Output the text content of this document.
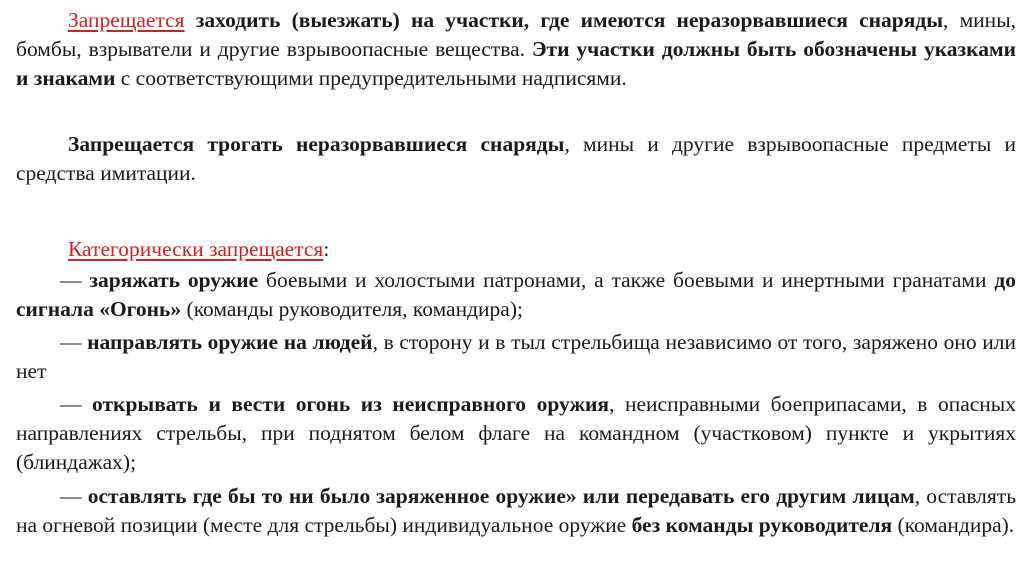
Запрещается заходить (выезжать) на участки, где имеются неразорвавшиеся снаряды, мины, бомбы, взрыватели и другие взрывоопасные вещества. Эти участки должны быть обозначены указками и знаками с соответствующими предупредительными надписями.

Запрещается трогать неразорвавшиеся снаряды, мины и другие взрывоопасные предметы и средства имитации.

Категорически запрещается:

— заряжать оружие боевыми и холостыми патронами, а также боевыми и инертными гранатами до сигнала «Огонь» (команды руководителя, командира);

— направлять оружие на людей, в сторону и в тыл стрельбища независимо от того, заряжено оно или нет

— открывать и вести огонь из неисправного оружия, неисправными боеприпасами, в опасных направлениях стрельбы, при поднятом белом флаге на командном (участковом) пункте и укрытиях (блиндажах);

— оставлять где бы то ни было заряженное оружие» или передавать его другим лицам, оставлять на огневой позиции (месте для стрельбы) индивидуальное оружие без команды руководителя (командира).
